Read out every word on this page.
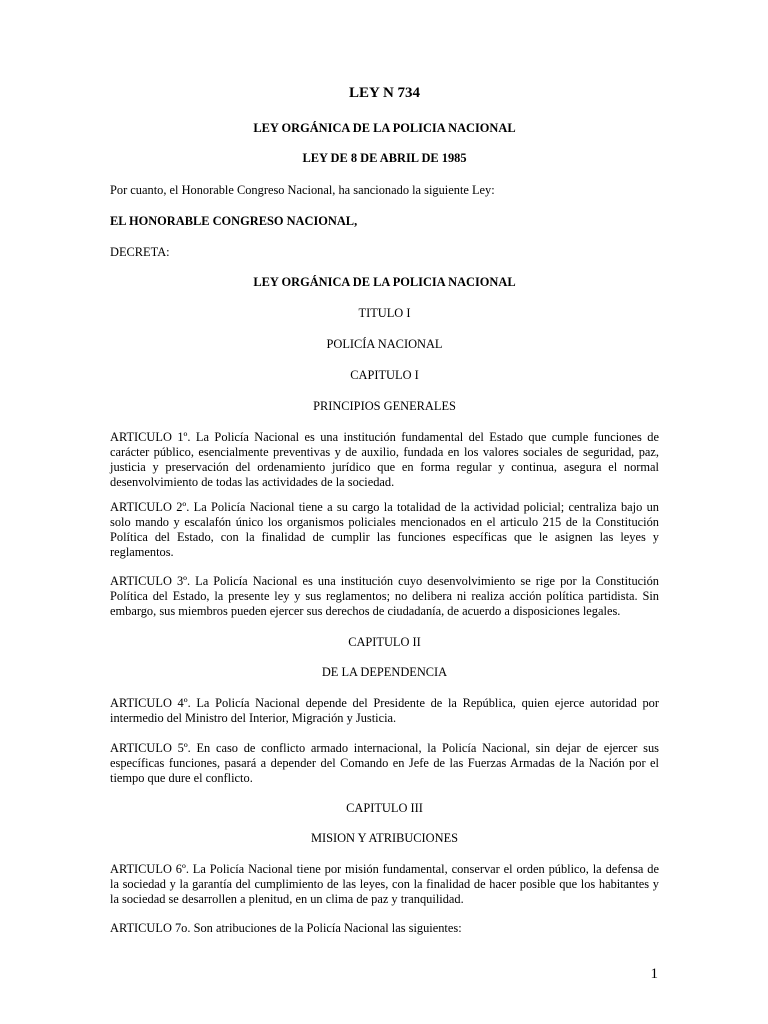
LEY N 734
LEY ORGÁNICA DE LA POLICIA NACIONAL
LEY DE 8 DE ABRIL DE 1985
Por cuanto, el Honorable Congreso Nacional, ha sancionado la siguiente Ley:
EL HONORABLE CONGRESO NACIONAL,
DECRETA:
LEY ORGÁNICA DE LA POLICIA NACIONAL
TITULO I
POLICÍA NACIONAL
CAPITULO I
PRINCIPIOS GENERALES
ARTICULO 1º. La Policía Nacional es una institución fundamental del Estado que cumple funciones de carácter público, esencialmente preventivas y de auxilio, fundada en los valores sociales de seguridad, paz, justicia y preservación del ordenamiento jurídico que en forma regular y continua, asegura el normal desenvolvimiento de todas las actividades de la sociedad.
ARTICULO 2º. La Policía Nacional tiene a su cargo la totalidad de la actividad policial; centraliza bajo un solo mando y escalafón único los organismos policiales mencionados en el articulo 215 de la Constitución Política del Estado, con la finalidad de cumplir las funciones específicas que le asignen las leyes y reglamentos.
ARTICULO 3º. La Policía Nacional es una institución cuyo desenvolvimiento se rige por la Constitución Política del Estado, la presente ley y sus reglamentos; no delibera ni realiza acción política partidista. Sin embargo, sus miembros pueden ejercer sus derechos de ciudadanía, de acuerdo a disposiciones legales.
CAPITULO II
DE LA DEPENDENCIA
ARTICULO 4º. La Policía Nacional depende del Presidente de la República, quien ejerce autoridad por intermedio del Ministro del Interior, Migración y Justicia.
ARTICULO 5º. En caso de conflicto armado internacional, la Policía Nacional, sin dejar de ejercer sus específicas funciones, pasará a depender del Comando en Jefe de las Fuerzas Armadas de la Nación por el tiempo que dure el conflicto.
CAPITULO III
MISION Y ATRIBUCIONES
ARTICULO 6º. La Policía Nacional tiene por misión fundamental, conservar el orden público, la defensa de la sociedad y la garantía del cumplimiento de las leyes, con la finalidad de hacer posible que los habitantes y la sociedad se desarrollen a plenitud, en un clima de paz y tranquilidad.
ARTICULO 7o. Son atribuciones de la Policía Nacional las siguientes:
1
